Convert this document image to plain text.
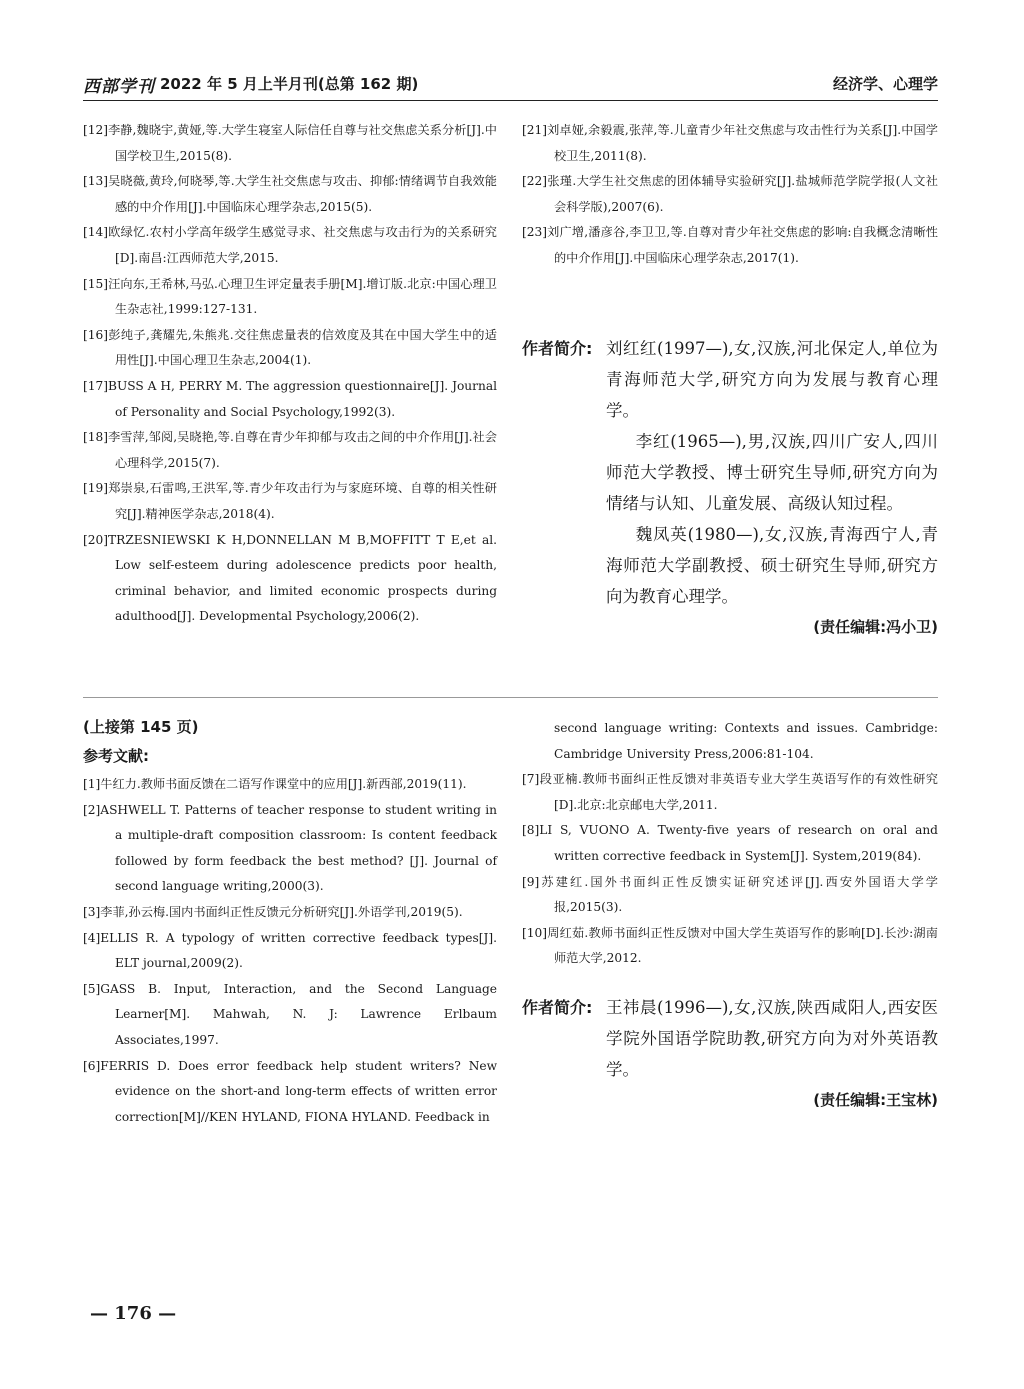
西部学刊 2022 年 5 月上半月刊(总第 162 期)	经济学、心理学
[12]李静,魏晓宇,黄娅,等.大学生寝室人际信任自尊与社交焦虑关系分析[J].中国学校卫生,2015(8).
[13]吴晓薇,黄玲,何晓琴,等.大学生社交焦虑与攻击、抑郁:情绪调节自我效能感的中介作用[J].中国临床心理学杂志,2015(5).
[14]欧绿忆.农村小学高年级学生感觉寻求、社交焦虑与攻击行为的关系研究[D].南昌:江西师范大学,2015.
[15]汪向东,王希林,马弘.心理卫生评定量表手册[M].增订版.北京:中国心理卫生杂志社,1999:127-131.
[16]彭纯子,龚耀先,朱熊兆.交往焦虑量表的信效度及其在中国大学生中的适用性[J].中国心理卫生杂志,2004(1).
[17]BUSS A H, PERRY M. The aggression questionnaire[J]. Journal of Personality and Social Psychology,1992(3).
[18]李雪萍,邹阅,吴晓艳,等.自尊在青少年抑郁与攻击之间的中介作用[J].社会心理科学,2015(7).
[19]郑崇泉,石雷鸣,王洪军,等.青少年攻击行为与家庭环境、自尊的相关性研究[J].精神医学杂志,2018(4).
[20]TRZESNIEWSKI K H,DONNELLAN M B,MOFFITT T E,et al. Low self-esteem during adolescence predicts poor health, criminal behavior, and limited economic prospects during adulthood[J]. Developmental Psychology,2006(2).
[21]刘卓娅,余毅震,张萍,等.儿童青少年社交焦虑与攻击性行为关系[J].中国学校卫生,2011(8).
[22]张瑾.大学生社交焦虑的团体辅导实验研究[J].盐城师范学院学报(人文社会科学版),2007(6).
[23]刘广增,潘彦谷,李卫卫,等.自尊对青少年社交焦虑的影响:自我概念清晰性的中介作用[J].中国临床心理学杂志,2017(1).
作者简介: 刘红红(1997—),女,汉族,河北保定人,单位为青海师范大学,研究方向为发展与教育心理学。

李红(1965—),男,汉族,四川广安人,四川师范大学教授、博士研究生导师,研究方向为情绪与认知、儿童发展、高级认知过程。

魏凤英(1980—),女,汉族,青海西宁人,青海师范大学副教授、硕士研究生导师,研究方向为教育心理学。

(责任编辑:冯小卫)
(上接第 145 页)
参考文献:
[1]牛红力.教师书面反馈在二语写作课堂中的应用[J].新西部,2019(11).
[2]ASHWELL T. Patterns of teacher response to student writing in a multiple-draft composition classroom: Is content feedback followed by form feedback the best method? [J]. Journal of second language writing,2000(3).
[3]李菲,孙云梅.国内书面纠正性反馈元分析研究[J].外语学刊,2019(5).
[4]ELLIS R. A typology of written corrective feedback types[J]. ELT journal,2009(2).
[5]GASS B. Input, Interaction, and the Second Language Learner[M]. Mahwah, N. J: Lawrence Erlbaum Associates,1997.
[6]FERRIS D. Does error feedback help student writers? New evidence on the short-and long-term effects of written error correction[M]//KEN HYLAND, FIONA HYLAND. Feedback in
second language writing: Contexts and issues. Cambridge: Cambridge University Press,2006:81-104.
[7]段亚楠.教师书面纠正性反馈对非英语专业大学生英语写作的有效性研究[D].北京:北京邮电大学,2011.
[8]LI S, VUONO A. Twenty-five years of research on oral and written corrective feedback in System[J]. System,2019(84).
[9]苏建红.国外书面纠正性反馈实证研究述评[J].西安外国语大学学报,2015(3).
[10]周红茹.教师书面纠正性反馈对中国大学生英语写作的影响[D].长沙:湖南师范大学,2012.
作者简介: 王祎晨(1996—),女,汉族,陕西咸阳人,西安医学院外国语学院助教,研究方向为对外英语教学。

(责任编辑:王宝林)
— 176 —
